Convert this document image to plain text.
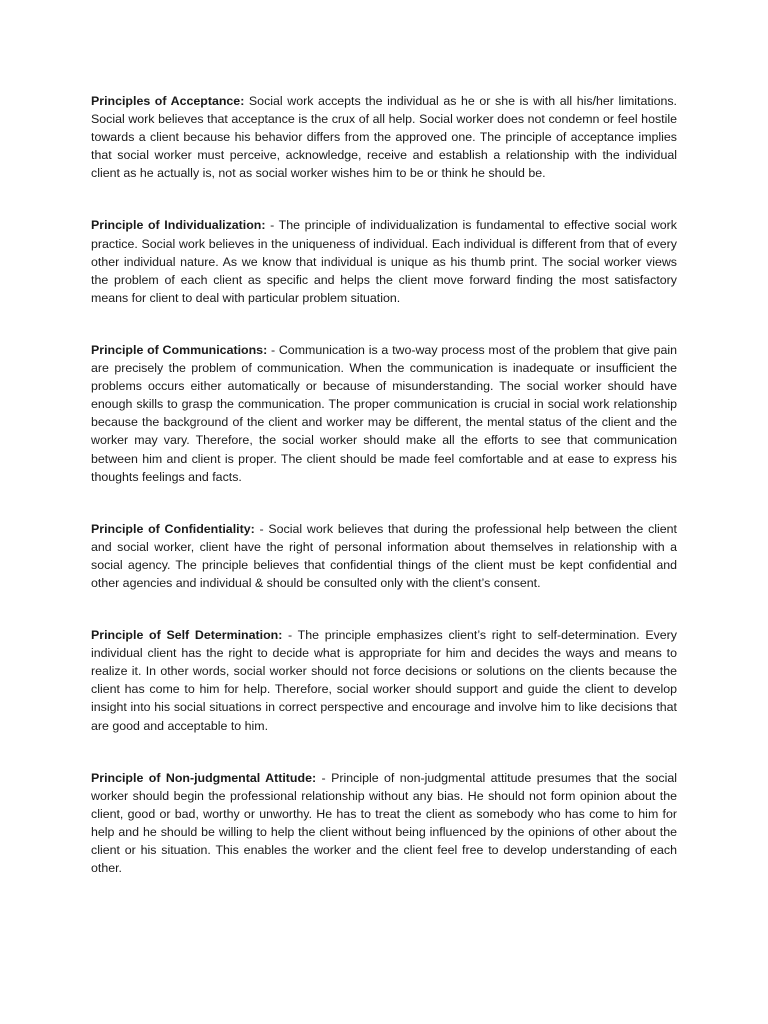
Principles of Acceptance: Social work accepts the individual as he or she is with all his/her limitations. Social work believes that acceptance is the crux of all help. Social worker does not condemn or feel hostile towards a client because his behavior differs from the approved one. The principle of acceptance implies that social worker must perceive, acknowledge, receive and establish a relationship with the individual client as he actually is, not as social worker wishes him to be or think he should be.

Principle of Individualization: - The principle of individualization is fundamental to effective social work practice. Social work believes in the uniqueness of individual. Each individual is different from that of every other individual nature. As we know that individual is unique as his thumb print. The social worker views the problem of each client as specific and helps the client move forward finding the most satisfactory means for client to deal with particular problem situation.

Principle of Communications: - Communication is a two-way process most of the problem that give pain are precisely the problem of communication. When the communication is inadequate or insufficient the problems occurs either automatically or because of misunderstanding. The social worker should have enough skills to grasp the communication. The proper communication is crucial in social work relationship because the background of the client and worker may be different, the mental status of the client and the worker may vary. Therefore, the social worker should make all the efforts to see that communication between him and client is proper. The client should be made feel comfortable and at ease to express his thoughts feelings and facts.

Principle of Confidentiality: - Social work believes that during the professional help between the client and social worker, client have the right of personal information about themselves in relationship with a social agency. The principle believes that confidential things of the client must be kept confidential and other agencies and individual & should be consulted only with the client’s consent.

Principle of Self Determination: - The principle emphasizes client’s right to self-determination. Every individual client has the right to decide what is appropriate for him and decides the ways and means to realize it. In other words, social worker should not force decisions or solutions on the clients because the client has come to him for help. Therefore, social worker should support and guide the client to develop insight into his social situations in correct perspective and encourage and involve him to like decisions that are good and acceptable to him.

Principle of Non-judgmental Attitude: - Principle of non-judgmental attitude presumes that the social worker should begin the professional relationship without any bias. He should not form opinion about the client, good or bad, worthy or unworthy. He has to treat the client as somebody who has come to him for help and he should be willing to help the client without being influenced by the opinions of other about the client or his situation. This enables the worker and the client feel free to develop understanding of each other.
